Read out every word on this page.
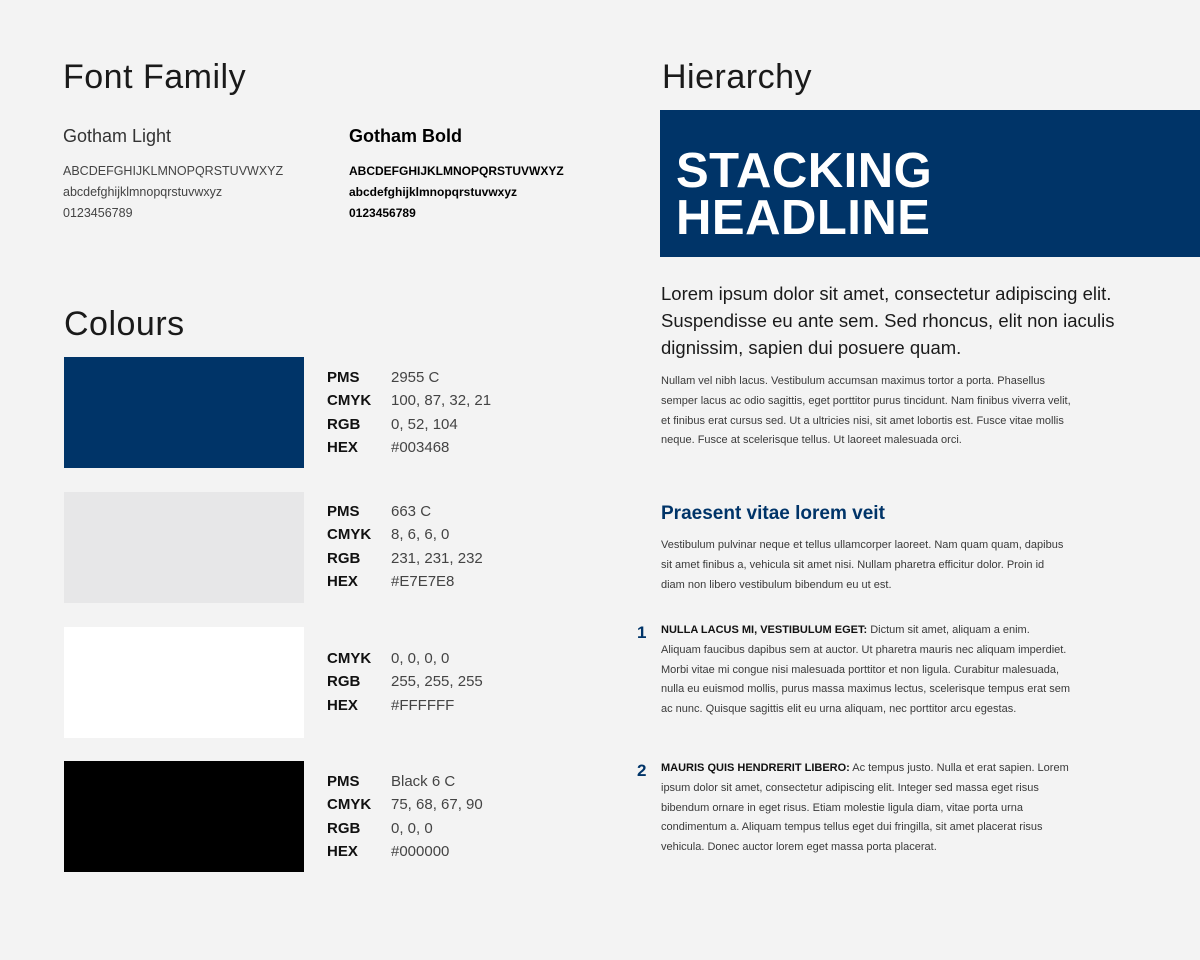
Font Family
Gotham Light
ABCDEFGHIJKLMNOPQRSTUVWXYZ
abcdefghijklmnopqrstuvwxyz
0123456789
Gotham Bold
ABCDEFGHIJKLMNOPQRSTUVWXYZ
abcdefghijklmnopqrstuvwxyz
0123456789
Colours
PMS 2955 C
CMYK 100, 87, 32, 21
RGB 0, 52, 104
HEX #003468
PMS 663 C
CMYK 8, 6, 6, 0
RGB 231, 231, 232
HEX #E7E7E8
CMYK 0, 0, 0, 0
RGB 255, 255, 255
HEX #FFFFFF
PMS Black 6 C
CMYK 75, 68, 67, 90
RGB 0, 0, 0
HEX #000000
Hierarchy
STACKING
HEADLINE
Lorem ipsum dolor sit amet, consectetur adipiscing elit. Suspendisse eu ante sem. Sed rhoncus, elit non iaculis dignissim, sapien dui posuere quam.
Nullam vel nibh lacus. Vestibulum accumsan maximus tortor a porta. Phasellus semper lacus ac odio sagittis, eget porttitor purus tincidunt. Nam finibus viverra velit, et finibus erat cursus sed. Ut a ultricies nisi, sit amet lobortis est. Fusce vitae mollis neque. Fusce at scelerisque tellus. Ut laoreet malesuada orci.
Praesent vitae lorem veit
Vestibulum pulvinar neque et tellus ullamcorper laoreet. Nam quam quam, dapibus sit amet finibus a, vehicula sit amet nisi. Nullam pharetra efficitur dolor. Proin id diam non libero vestibulum bibendum eu ut est.
1 NULLA LACUS MI, VESTIBULUM EGET: Dictum sit amet, aliquam a enim. Aliquam faucibus dapibus sem at auctor. Ut pharetra mauris nec aliquam imperdiet. Morbi vitae mi congue nisi malesuada porttitor et non ligula. Curabitur malesuada, nulla eu euismod mollis, purus massa maximus lectus, scelerisque tempus erat sem ac nunc. Quisque sagittis elit eu urna aliquam, nec porttitor arcu egestas.
2 MAURIS QUIS HENDRERIT LIBERO: Ac tempus justo. Nulla et erat sapien. Lorem ipsum dolor sit amet, consectetur adipiscing elit. Integer sed massa eget risus bibendum ornare in eget risus. Etiam molestie ligula diam, vitae porta urna condimentum a. Aliquam tempus tellus eget dui fringilla, sit amet placerat risus vehicula. Donec auctor lorem eget massa porta placerat.
